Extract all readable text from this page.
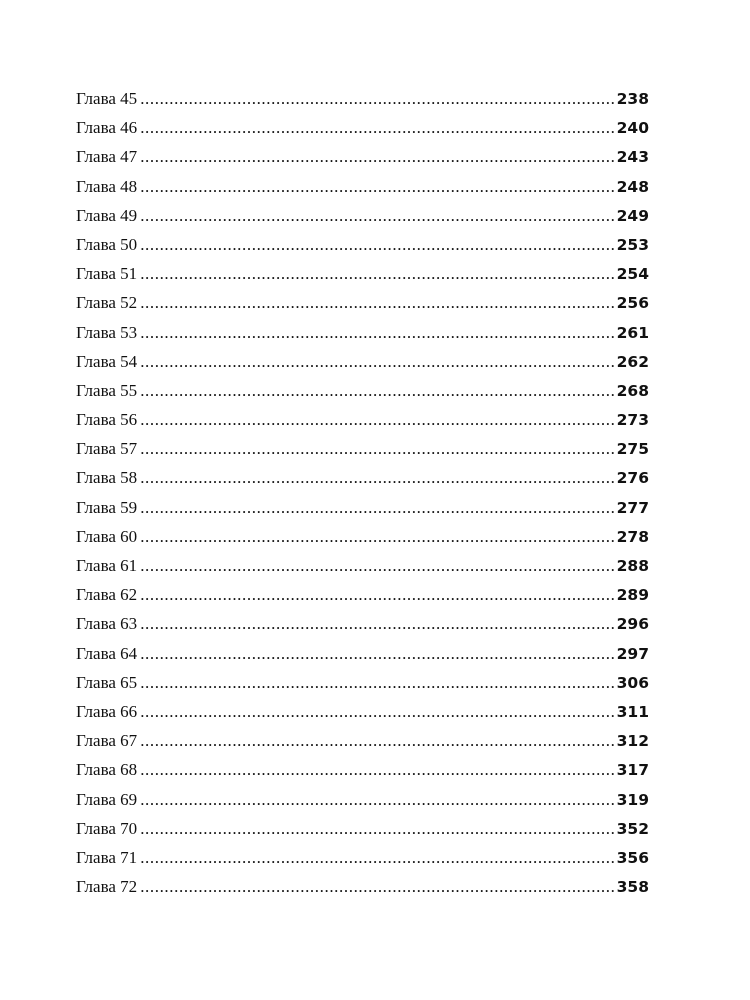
Глава 45 .....	238
Глава 46 .....	240
Глава 47 .....	243
Глава 48 .....	248
Глава 49 .....	249
Глава 50 .....	253
Глава 51 .....	254
Глава 52 .....	256
Глава 53 .....	261
Глава 54 .....	262
Глава 55 .....	268
Глава 56 .....	273
Глава 57 .....	275
Глава 58 .....	276
Глава 59 .....	277
Глава 60 .....	278
Глава 61 .....	288
Глава 62 .....	289
Глава 63 .....	296
Глава 64 .....	297
Глава 65 .....	306
Глава 66 .....	311
Глава 67 .....	312
Глава 68 .....	317
Глава 69 .....	319
Глава 70 .....	352
Глава 71 .....	356
Глава 72 .....	358
